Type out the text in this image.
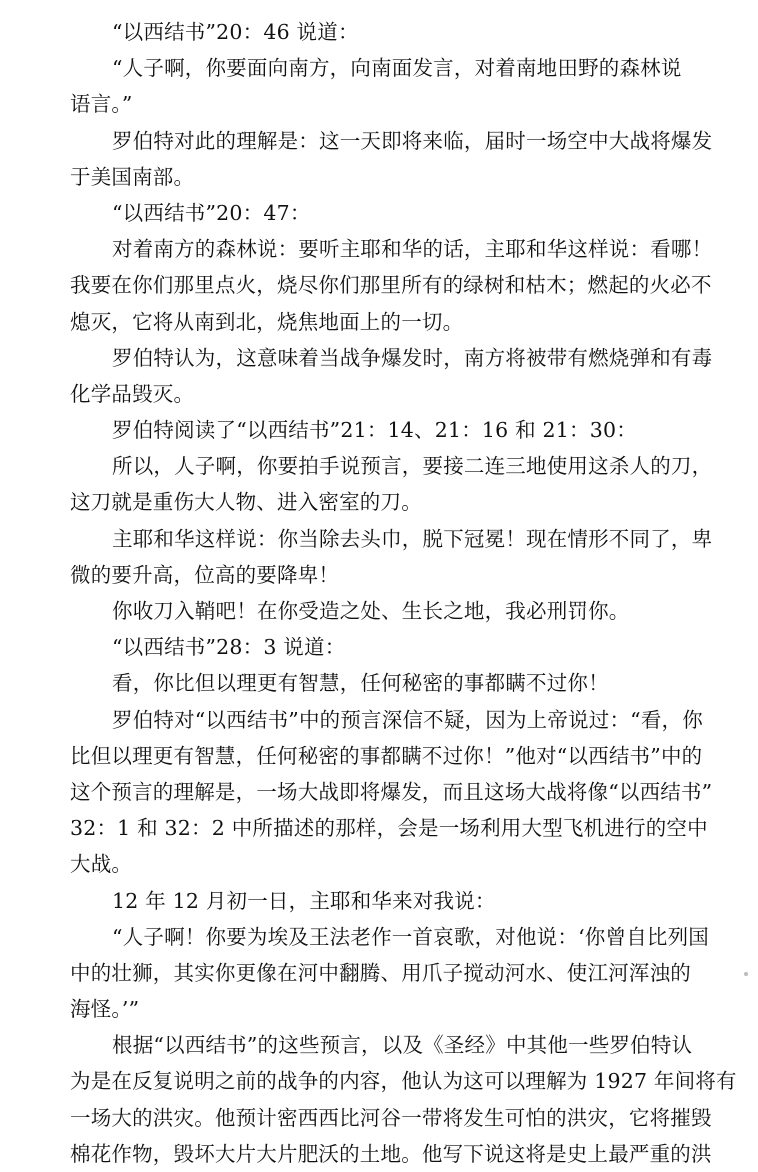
“以西结书”20：46 说道：
“人子啊，你要面向南方，向南面发言，对着南地田野的森林说
语言。”
罗伯特对此的理解是：这一天即将来临，届时一场空中大战将爆发
于美国南部。
“以西结书”20：47：
对着南方的森林说：要听主耶和华的话，主耶和华这样说：看哪！
我要在你们那里点火，烧尽你们那里所有的绿树和枯木；燃起的火必不
熄灭，它将从南到北，烧焦地面上的一切。
罗伯特认为，这意味着当战争爆发时，南方将被带有燃烧弹和有毒
化学品毁灭。
罗伯特阅读了“以西结书”21：14、21：16 和 21：30：
所以，人子啊，你要拍手说预言，要接二连三地使用这杀人的刀，
这刀就是重伤大人物、进入密室的刀。
主耶和华这样说：你当除去头巾，脱下冠冕！现在情形不同了，卑
微的要升高，位高的要降卑！
你收刀入鞘吧！在你受造之处、生长之地，我必刑罚你。
“以西结书”28：3 说道：
看，你比但以理更有智慧，任何秘密的事都瞒不过你！
罗伯特对“以西结书”中的预言深信不疑，因为上帝说过：“看，你
比但以理更有智慧，任何秘密的事都瞒不过你！”他对“以西结书”中的
这个预言的理解是，一场大战即将爆发，而且这场大战将像“以西结书”
32：1 和 32：2 中所描述的那样，会是一场利用大型飞机进行的空中
大战。
12 年 12 月初一日，主耶和华来对我说：
“人子啊！你要为埃及王法老作一首哀歌，对他说：‘你曾自比列国
中的壮狮，其实你更像在河中翻腾、用爪子搅动河水、使江河浑浊的
海怪。’”
根据“以西结书”的这些预言，以及《圣经》中其他一些罗伯特认
为是在反复说明之前的战争的内容，他认为这可以理解为 1927 年间将有
一场大的洪灾。他预计密西西比河谷一带将发生可怕的洪灾，它将摧毁
棉花作物，毁坏大片大片肥沃的土地。他写下说这将是史上最严重的洪
